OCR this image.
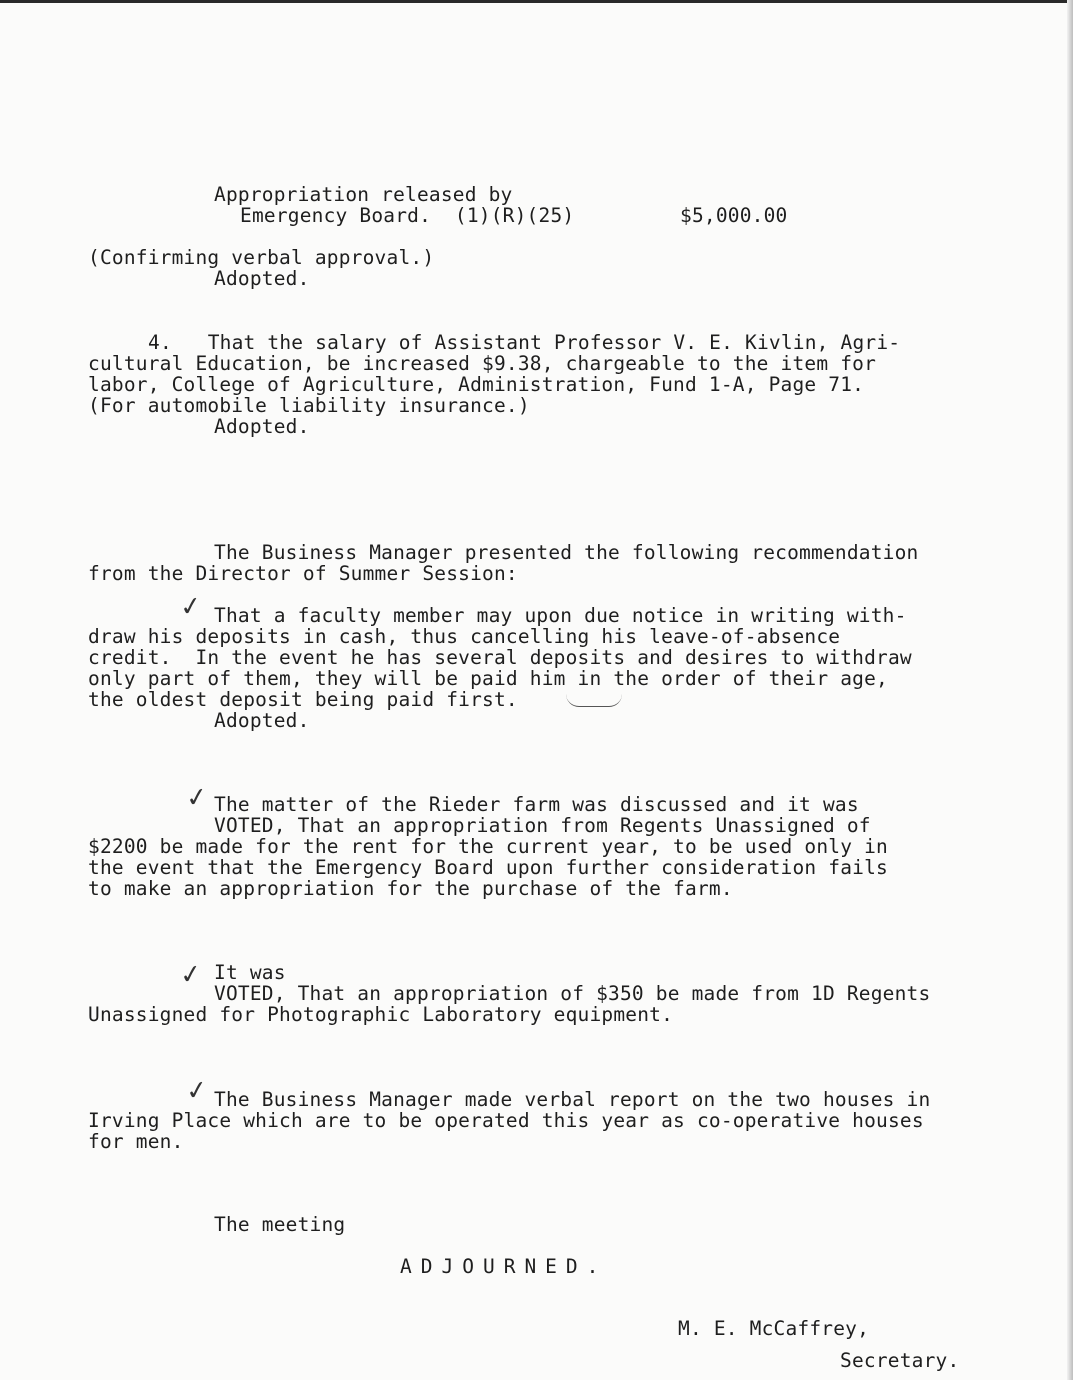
Appropriation released by
Emergency Board.  (1)(R)(25)	$5,000.00
(Confirming verbal approval.)
Adopted.
4.   That the salary of Assistant Professor V. E. Kivlin, Agri-
cultural Education, be increased $9.38, chargeable to the item for
labor, College of Agriculture, Administration, Fund 1-A, Page 71.
(For automobile liability insurance.)
Adopted.
The Business Manager presented the following recommendation
from the Director of Summer Session:
✓ That a faculty member may upon due notice in writing with-
draw his deposits in cash, thus cancelling his leave-of-absence
credit.  In the event he has several deposits and desires to withdraw
only part of them, they will be paid him in the order of their age,
the oldest deposit being paid first.
Adopted.
✓ The matter of the Rieder farm was discussed and it was
VOTED, That an appropriation from Regents Unassigned of
$2200 be made for the rent for the current year, to be used only in
the event that the Emergency Board upon further consideration fails
to make an appropriation for the purchase of the farm.
✓ It was
VOTED, That an appropriation of $350 be made from 1D Regents
Unassigned for Photographic Laboratory equipment.
✓ The Business Manager made verbal report on the two houses in
Irving Place which are to be operated this year as co-operative houses
for men.
The meeting
ADJOURNED.
M. E. McCaffrey,
Secretary.
